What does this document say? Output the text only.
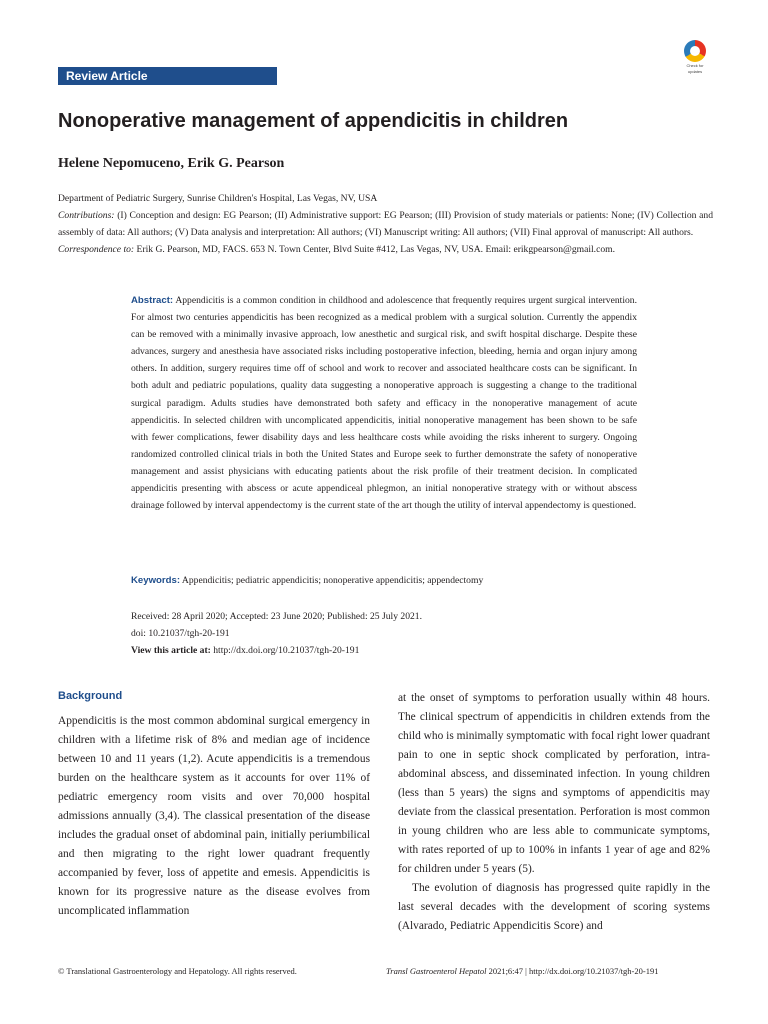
Review Article
Check for
updates
Nonoperative management of appendicitis in children
Helene Nepomuceno, Erik G. Pearson

Department of Pediatric Surgery, Sunrise Children's Hospital, Las Vegas, NV, USA

Contributions: (I) Conception and design: EG Pearson; (II) Administrative support: EG Pearson; (III) Provision of study materials or patients: None; (IV) Collection and assembly of data: All authors; (V) Data analysis and interpretation: All authors; (VI) Manuscript writing: All authors; (VII) Final approval of manuscript: All authors.

Correspondence to: Erik G. Pearson, MD, FACS. 653 N. Town Center, Blvd Suite #412, Las Vegas, NV, USA. Email: erikgpearson@gmail.com.

Abstract: Appendicitis is a common condition in childhood and adolescence that frequently requires urgent surgical intervention. For almost two centuries appendicitis has been recognized as a medical problem with a surgical solution. Currently the appendix can be removed with a minimally invasive approach, low anesthetic and surgical risk, and swift hospital discharge. Despite these advances, surgery and anesthesia have associated risks including postoperative infection, bleeding, hernia and organ injury among others. In addition, surgery requires time off of school and work to recover and associated healthcare costs can be significant. In both adult and pediatric populations, quality data suggesting a nonoperative approach is suggesting a change to the traditional surgical paradigm. Adults studies have demonstrated both safety and efficacy in the nonoperative management of acute appendicitis. In selected children with uncomplicated appendicitis, initial nonoperative management has been shown to be safe with fewer complications, fewer disability days and less healthcare costs while avoiding the risks inherent to surgery. Ongoing randomized controlled clinical trials in both the United States and Europe seek to further demonstrate the safety of nonoperative management and assist physicians with educating patients about the risk profile of their treatment decision. In complicated appendicitis presenting with abscess or acute appendiceal phlegmon, an initial nonoperative strategy with or without abscess drainage followed by interval appendectomy is the current state of the art though the utility of interval appendectomy is questioned.
Keywords: Appendicitis; pediatric appendicitis; nonoperative appendicitis; appendectomy
Received: 28 April 2020; Accepted: 23 June 2020; Published: 25 July 2021.
doi: 10.21037/tgh-20-191
View this article at: http://dx.doi.org/10.21037/tgh-20-191
Background

Appendicitis is the most common abdominal surgical emergency in children with a lifetime risk of 8% and median age of incidence between 10 and 11 years (1,2). Acute appendicitis is a tremendous burden on the healthcare system as it accounts for over 11% of pediatric emergency room visits and over 70,000 hospital admissions annually (3,4). The classical presentation of the disease includes the gradual onset of abdominal pain, initially periumbilical and then migrating to the right lower quadrant frequently accompanied by fever, loss of appetite and emesis. Appendicitis is known for its progressive nature as the disease evolves from uncomplicated inflammation

at the onset of symptoms to perforation usually within 48 hours. The clinical spectrum of appendicitis in children extends from the child who is minimally symptomatic with focal right lower quadrant pain to one in septic shock complicated by perforation, intra-abdominal abscess, and disseminated infection. In young children (less than 5 years) the signs and symptoms of appendicitis may deviate from the classical presentation. Perforation is most common in young children who are less able to communicate symptoms, with rates reported of up to 100% in infants 1 year of age and 82% for children under 5 years (5).

The evolution of diagnosis has progressed quite rapidly in the last several decades with the development of scoring systems (Alvarado, Pediatric Appendicitis Score) and

© Translational Gastroenterology and Hepatology. All rights reserved.	Transl Gastroenterol Hepatol 2021;6:47 | http://dx.doi.org/10.21037/tgh-20-191
